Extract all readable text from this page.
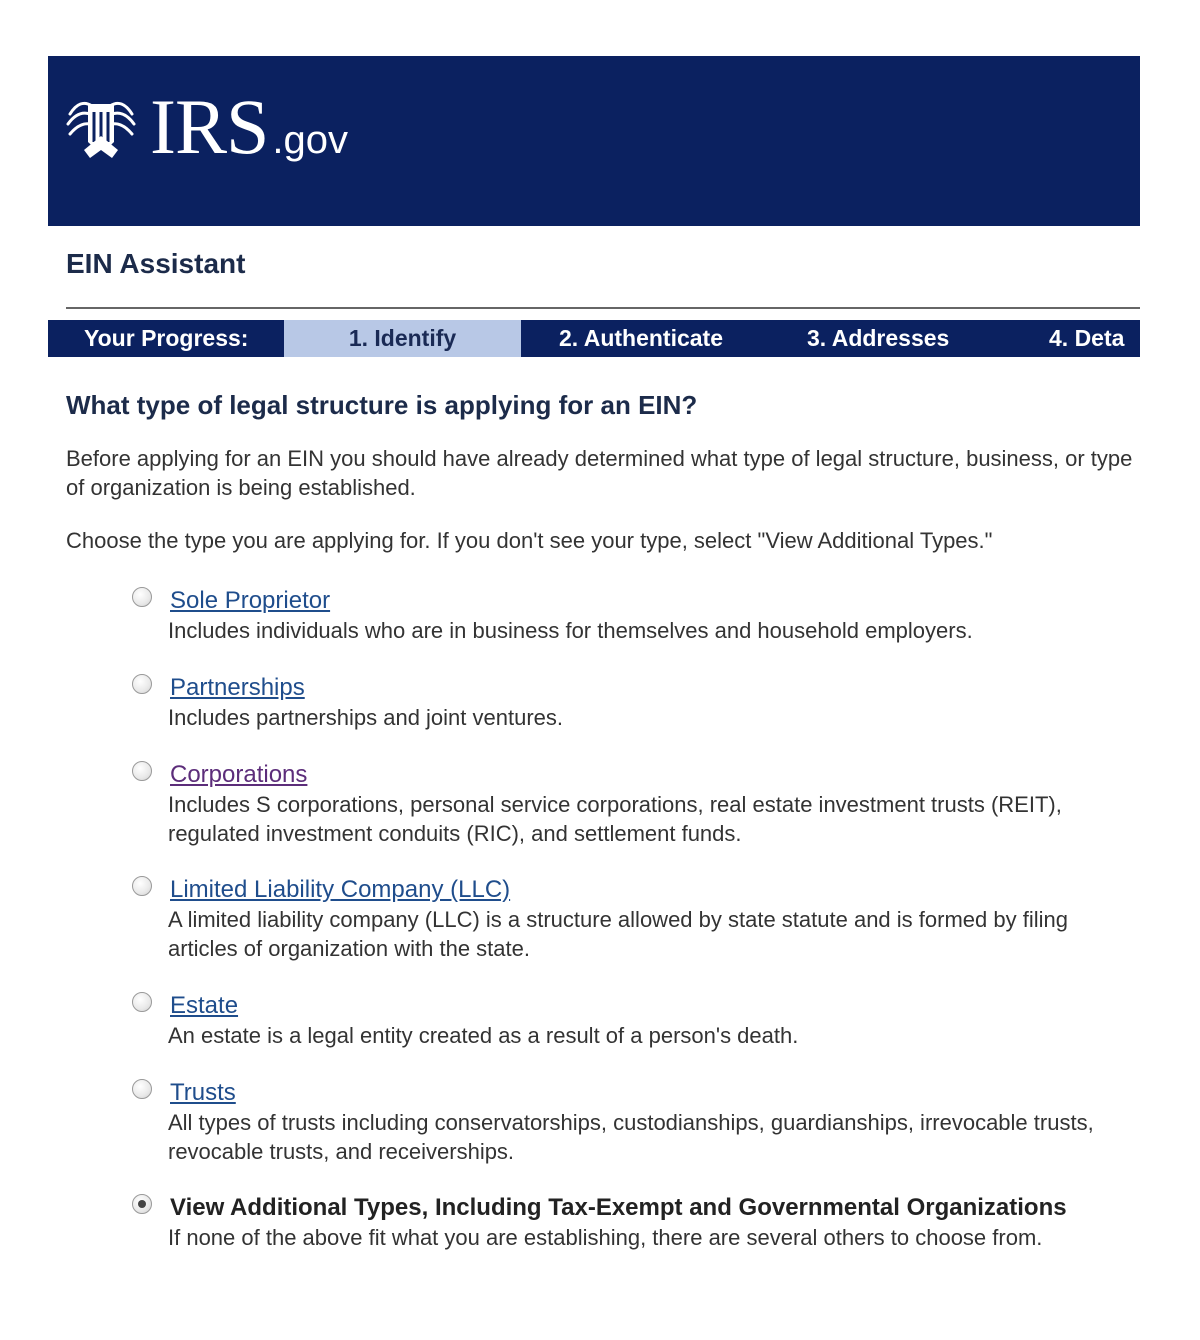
IRS .gov
EIN Assistant
Your Progress:	1. Identify	2. Authenticate	3. Addresses	4. Deta
What type of legal structure is applying for an EIN?

Before applying for an EIN you should have already determined what type of legal structure, business, or type of organization is being established.

Choose the type you are applying for. If you don't see your type, select "View Additional Types."

Sole Proprietor
Includes individuals who are in business for themselves and household employers.
Partnerships
Includes partnerships and joint ventures.
Corporations
Includes S corporations, personal service corporations, real estate investment trusts (REIT), regulated investment conduits (RIC), and settlement funds.
Limited Liability Company (LLC)
A limited liability company (LLC) is a structure allowed by state statute and is formed by filing articles of organization with the state.
Estate
An estate is a legal entity created as a result of a person's death.
Trusts
All types of trusts including conservatorships, custodianships, guardianships, irrevocable trusts, revocable trusts, and receiverships.
View Additional Types, Including Tax-Exempt and Governmental Organizations
If none of the above fit what you are establishing, there are several others to choose from.
